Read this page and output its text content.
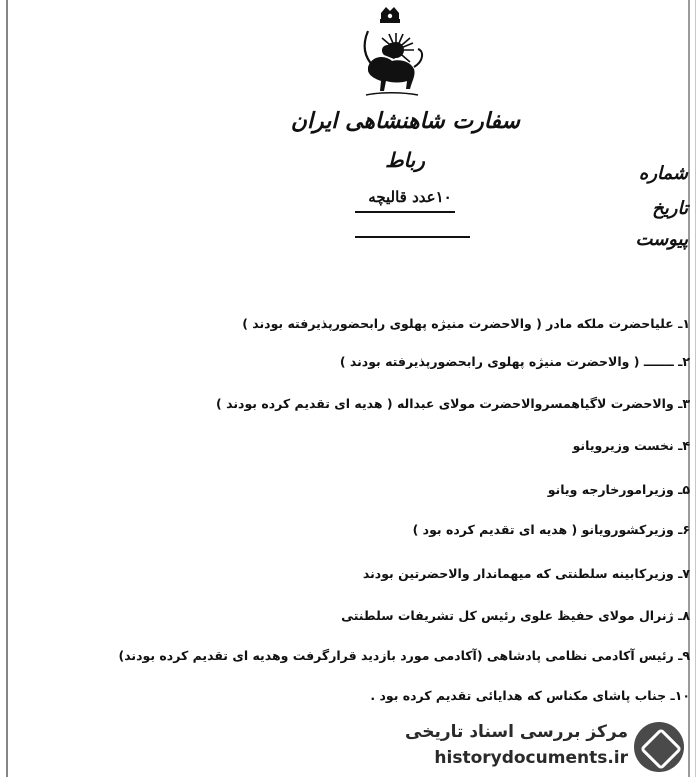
سفارت شاهنشاهی ایران
رباط
۱۰عدد قالیچه
شماره
تاریخ
پیوست
۱ـ علیاحضرت ملکه مادر ( والاحضرت منیژه پهلوی رابحضورپذیرفته بودند )
۲ـ ـــــــ ( والاحضرت منیژه پهلوی رابحضورپذیرفته بودند )
۳ـ والاحضرت لاگیاهمسروالاحضرت مولای عبداله ( هدیه ای تقدیم کرده بودند )
۴ـ نخست وزیرویانو
۵ـ وزیرامورخارجه ویانو
۶ـ وزیرکشورویانو ( هدیه ای تقدیم کرده بود )
۷ـ وزیرکابینه سلطنتی که میهماندار والاحضرتین بودند
۸ـ ژنرال مولای حفیظ علوی رئیس کل تشریفات سلطنتی
۹ـ رئیس آکادمی نظامی پادشاهی (آکادمی مورد بازدید قرارگرفت وهدیه ای تقدیم کرده بودند)
۱۰ـ جناب پاشای مکناس که هدایائی تقدیم کرده بود .
مرکز بررسی اسناد تاریخی
historydocuments.ir
